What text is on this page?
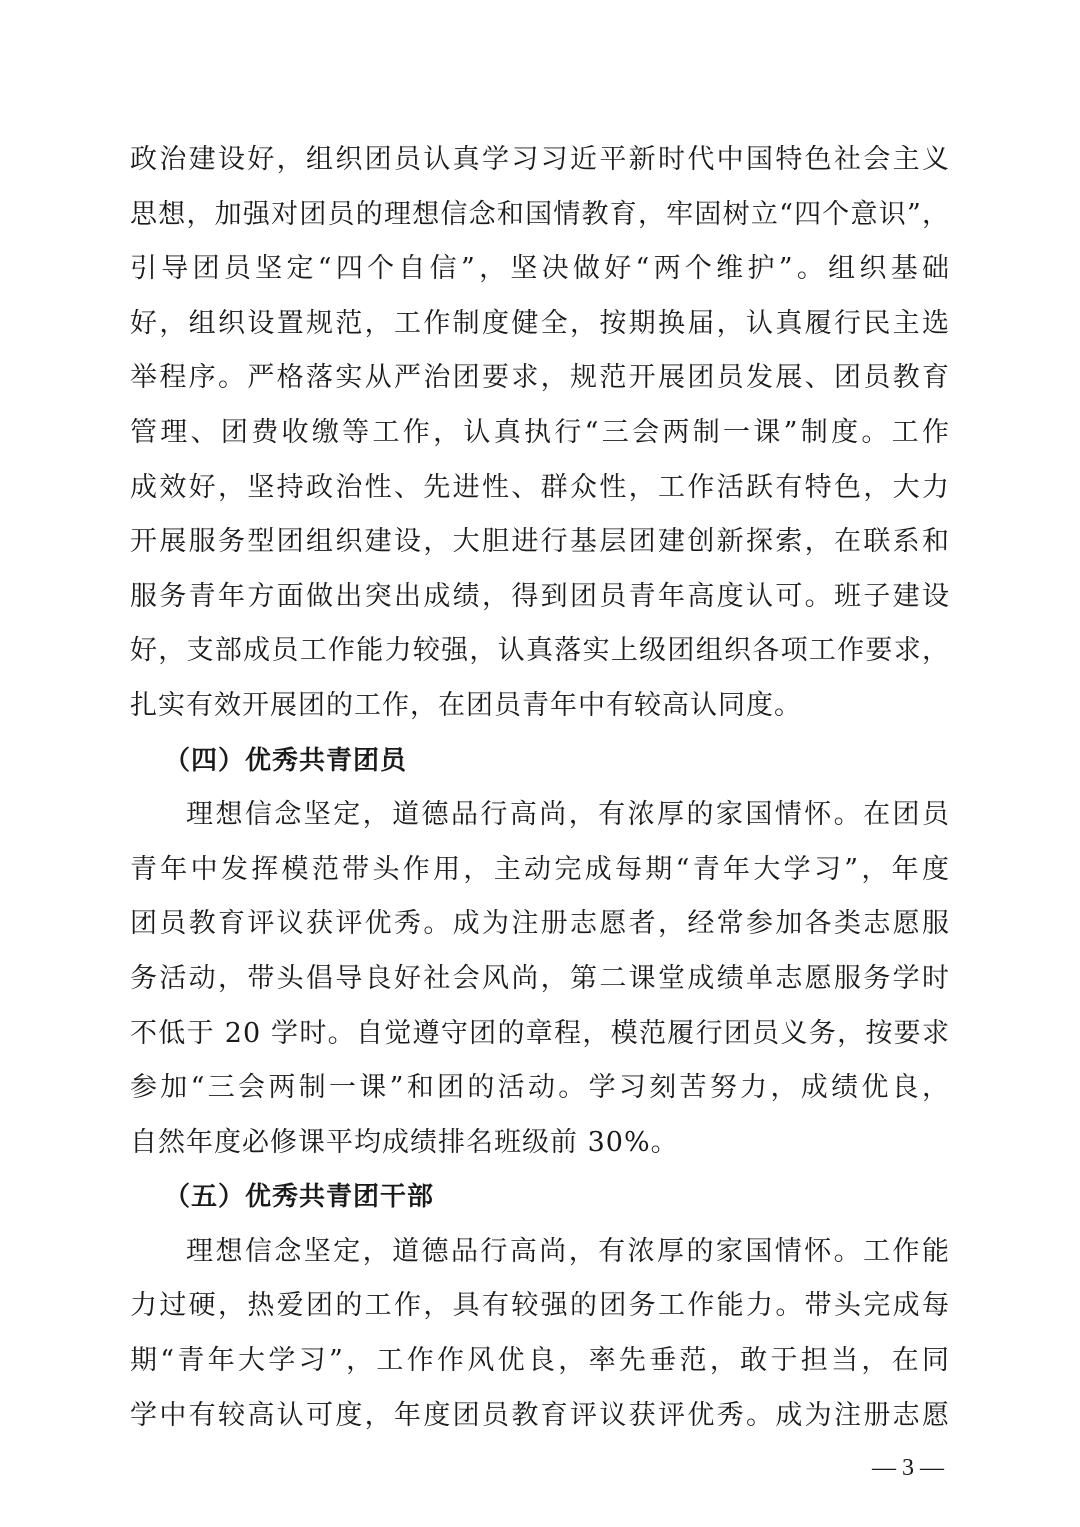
政治建设好，组织团员认真学习习近平新时代中国特色社会主义
思想，加强对团员的理想信念和国情教育，牢固树立“四个意识”，
引导团员坚定“四个自信”，坚决做好“两个维护”。组织基础
好，组织设置规范，工作制度健全，按期换届，认真履行民主选
举程序。严格落实从严治团要求，规范开展团员发展、团员教育
管理、团费收缴等工作，认真执行“三会两制一课”制度。工作
成效好，坚持政治性、先进性、群众性，工作活跃有特色，大力
开展服务型团组织建设，大胆进行基层团建创新探索，在联系和
服务青年方面做出突出成绩，得到团员青年高度认可。班子建设
好，支部成员工作能力较强，认真落实上级团组织各项工作要求，
扎实有效开展团的工作，在团员青年中有较高认同度。
（四）优秀共青团员
理想信念坚定，道德品行高尚，有浓厚的家国情怀。在团员
青年中发挥模范带头作用，主动完成每期“青年大学习”，年度
团员教育评议获评优秀。成为注册志愿者，经常参加各类志愿服
务活动，带头倡导良好社会风尚，第二课堂成绩单志愿服务学时
不低于 20 学时。自觉遵守团的章程，模范履行团员义务，按要求
参加“三会两制一课”和团的活动。学习刻苦努力，成绩优良，
自然年度必修课平均成绩排名班级前 30%。
（五）优秀共青团干部
理想信念坚定，道德品行高尚，有浓厚的家国情怀。工作能
力过硬，热爱团的工作，具有较强的团务工作能力。带头完成每
期“青年大学习”，工作作风优良，率先垂范，敢于担当，在同
学中有较高认可度，年度团员教育评议获评优秀。成为注册志愿
— 3 —
